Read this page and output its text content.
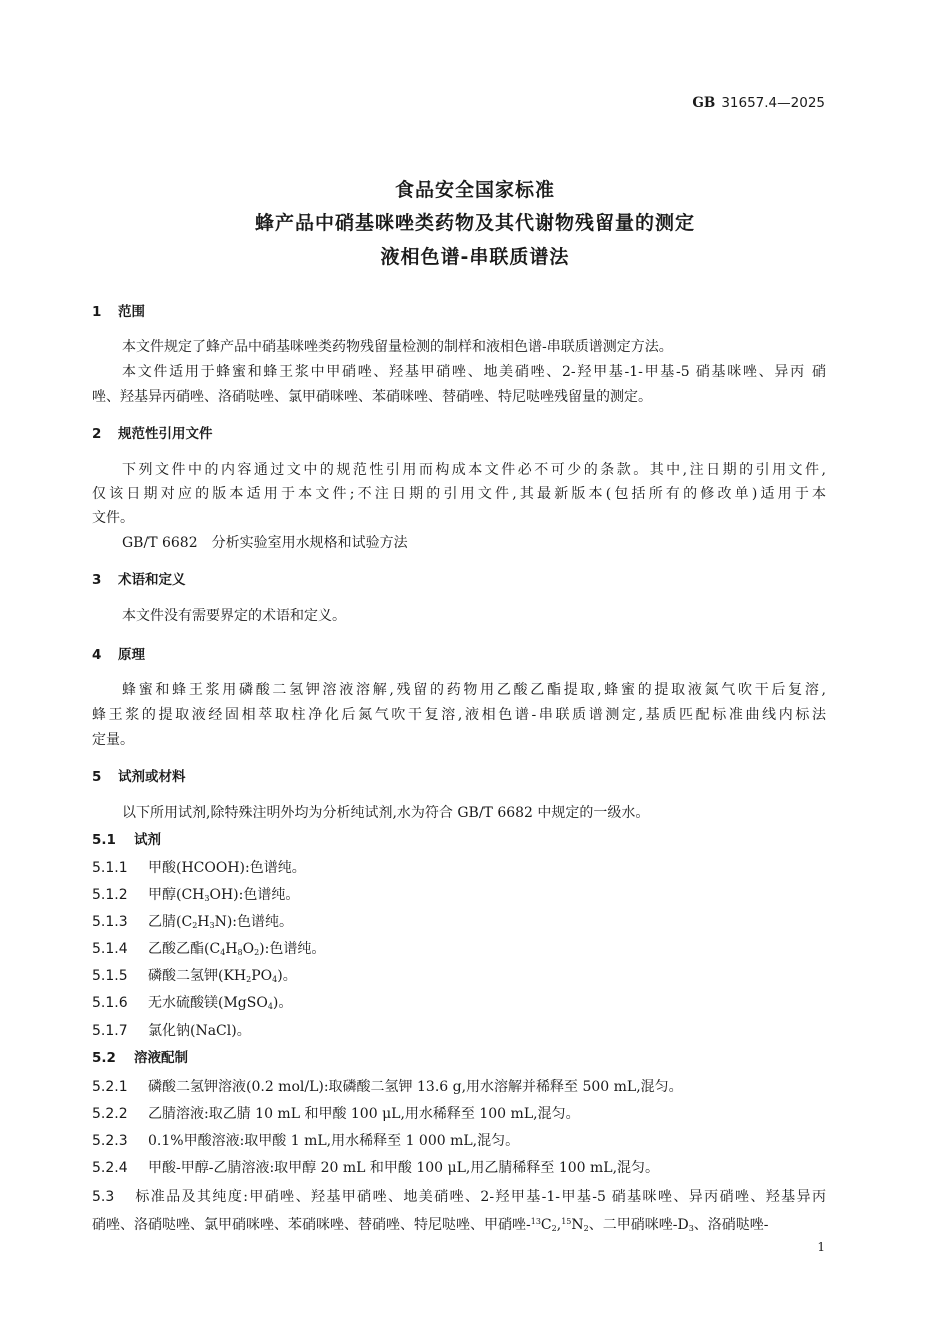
GB 31657.4—2025
食品安全国家标准
蜂产品中硝基咪唑类药物及其代谢物残留量的测定
液相色谱-串联质谱法
1 范围
本文件规定了蜂产品中硝基咪唑类药物残留量检测的制样和液相色谱-串联质谱测定方法。
本文件适用于蜂蜜和蜂王浆中甲硝唑、羟基甲硝唑、地美硝唑、2-羟甲基-1-甲基-5 硝基咪唑、异丙 硝
唑、羟基异丙硝唑、洛硝哒唑、氯甲硝咪唑、苯硝咪唑、替硝唑、特尼哒唑残留量的测定。
2 规范性引用文件
下列文件中的内容通过文中的规范性引用而构成本文件必不可少的条款。其中,注日期的引用文件,
仅该日期对应的版本适用于本文件;不注日期的引用文件,其最新版本(包括所有的修改单)适用于本
文件。
GB/T 6682  分析实验室用水规格和试验方法
3 术语和定义
本文件没有需要界定的术语和定义。
4 原理
蜂蜜和蜂王浆用磷酸二氢钾溶液溶解,残留的药物用乙酸乙酯提取,蜂蜜的提取液氮气吹干后复溶,
蜂王浆的提取液经固相萃取柱净化后氮气吹干复溶,液相色谱-串联质谱测定,基质匹配标准曲线内标法
定量。
5 试剂或材料
以下所用试剂,除特殊注明外均为分析纯试剂,水为符合 GB/T 6682 中规定的一级水。
5.1 试剂
5.1.1 甲酸(HCOOH):色谱纯。
5.1.2 甲醇$(CH_3OH)$:色谱纯。
5.1.3 乙腈$(C_2H_3N)$:色谱纯。
5.1.4 乙酸乙酯$(C_4H_8O_2)$:色谱纯。
5.1.5 磷酸二氢钾$(KH_2PO_4)$。
5.1.6 无水硫酸镁(MgSO$_4$)。
5.1.7 氯化钠(NaCl)。
5.2 溶液配制
5.2.1 磷酸二氢钾溶液(0.2 mol/L):取磷酸二氢钾 13.6 g,用水溶解并稀释至 500 mL,混匀。
5.2.2 乙腈溶液:取乙腈 10 mL 和甲酸 100 μL,用水稀释至 100 mL,混匀。
5.2.3 0.1%甲酸溶液:取甲酸 1 mL,用水稀释至 1 000 mL,混匀。
5.2.4 甲酸-甲醇-乙腈溶液:取甲醇 20 mL 和甲酸 100 μL,用乙腈稀释至 100 mL,混匀。
5.3 标准品及其纯度:甲硝唑、羟基甲硝唑、地美硝唑、2-羟甲基-1-甲基-5 硝基咪唑、异丙硝唑、羟基异丙
硝唑、洛硝哒唑、氯甲硝咪唑、苯硝咪唑、替硝唑、特尼哒唑、甲硝唑$-^{13}C_2,^{15}N_2$、二甲硝咪唑$-D_3$、洛硝哒唑-
1
